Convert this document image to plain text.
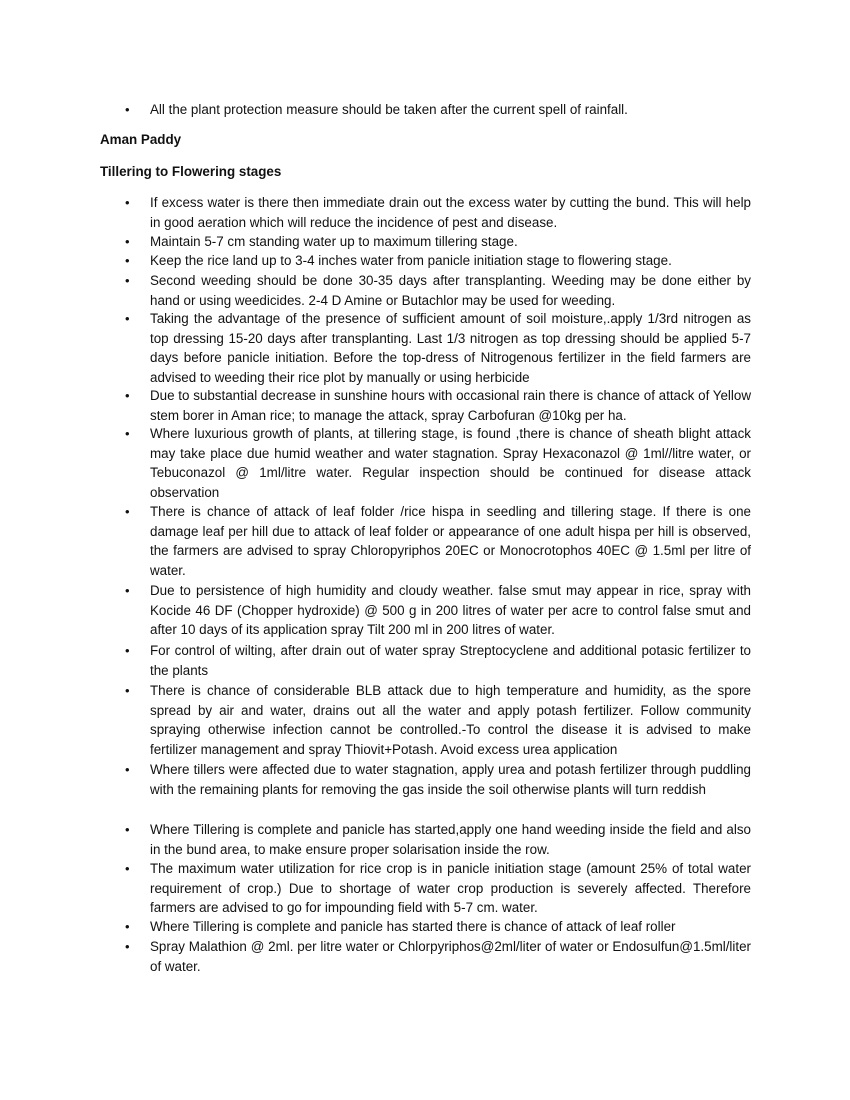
• All the plant protection measure should be taken after the current spell of rainfall.

Aman Paddy

Tillering to Flowering stages

• If excess water is there then immediate drain out the excess water by cutting the bund. This will help in good aeration which will reduce the incidence of pest and disease.
• Maintain 5-7 cm standing water up to maximum tillering stage.
• Keep the rice land up to 3-4 inches water from panicle initiation stage to flowering stage.
• Second weeding should be done 30-35 days after transplanting. Weeding may be done either by hand or using weedicides. 2-4 D Amine or Butachlor may be used for weeding.
• Taking the advantage of the presence of sufficient amount of soil moisture,.apply 1/3rd nitrogen as top dressing 15-20 days after transplanting. Last 1/3 nitrogen as top dressing should be applied 5-7 days before panicle initiation. Before the top-dress of Nitrogenous fertilizer in the field farmers are advised to weeding their rice plot by manually or using herbicide
• Due to substantial decrease in sunshine hours with occasional rain there is chance of attack of Yellow stem borer in Aman rice; to manage the attack, spray Carbofuran @10kg per ha.
• Where luxurious growth of plants, at tillering stage, is found ,there is chance of sheath blight attack may take place due humid weather and water stagnation. Spray Hexaconazol @ 1ml//litre water, or Tebuconazol @ 1ml/litre water. Regular inspection should be continued for disease attack observation
• There is chance of attack of leaf folder /rice hispa in seedling and tillering stage. If there is one damage leaf per hill due to attack of leaf folder or appearance of one adult hispa per hill is observed, the farmers are advised to spray Chloropyriphos 20EC or Monocrotophos 40EC @ 1.5ml per litre of water.
• Due to persistence of high humidity and cloudy weather. false smut may appear in rice, spray with Kocide 46 DF (Chopper hydroxide) @ 500 g in 200 litres of water per acre to control false smut and after 10 days of its application spray Tilt 200 ml in 200 litres of water.
• For control of wilting, after drain out of water spray Streptocyclene and additional potasic fertilizer to the plants
• There is chance of considerable BLB attack due to high temperature and humidity, as the spore spread by air and water, drains out all the water and apply potash fertilizer. Follow community spraying otherwise infection cannot be controlled.-To control the disease it is advised to make fertilizer management and spray Thiovit+Potash. Avoid excess urea application
• Where tillers were affected due to water stagnation, apply urea and potash fertilizer through puddling with the remaining plants for removing the gas inside the soil otherwise plants will turn reddish
• Where Tillering is complete and panicle has started,apply one hand weeding inside the field and also in the bund area, to make ensure proper solarisation inside the row.
• The maximum water utilization for rice crop is in panicle initiation stage (amount 25% of total water requirement of crop.) Due to shortage of water crop production is severely affected. Therefore farmers are advised to go for impounding field with 5-7 cm. water.
• Where Tillering is complete and panicle has started there is chance of attack of leaf roller
• Spray Malathion @ 2ml. per litre water or Chlorpyriphos@2ml/liter of water or Endosulfun@1.5ml/liter of water.
